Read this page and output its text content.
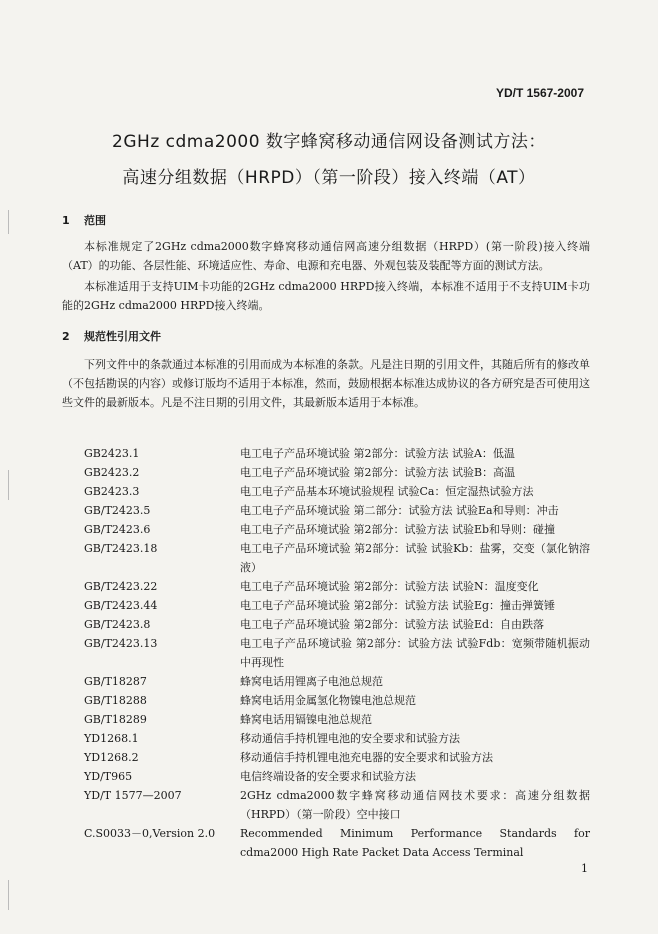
YD/T 1567-2007
2GHz cdma2000 数字蜂窝移动通信网设备测试方法：
高速分组数据（HRPD）（第一阶段）接入终端（AT）
1 范围
本标准规定了2GHz cdma2000数字蜂窝移动通信网高速分组数据（HRPD）(第一阶段)接入终端（AT）的功能、各层性能、环境适应性、寿命、电源和充电器、外观包装及装配等方面的测试方法。
本标准适用于支持UIM卡功能的2GHz cdma2000 HRPD接入终端，本标准不适用于不支持UIM卡功能的2GHz cdma2000 HRPD接入终端。
2 规范性引用文件
下列文件中的条款通过本标准的引用而成为本标准的条款。凡是注日期的引用文件，其随后所有的修改单（不包括勘误的内容）或修订版均不适用于本标准，然而，鼓励根据本标准达成协议的各方研究是否可使用这些文件的最新版本。凡是不注日期的引用文件，其最新版本适用于本标准。
GB2423.1	电工电子产品环境试验 第2部分：试验方法 试验A：低温
GB2423.2	电工电子产品环境试验 第2部分：试验方法 试验B：高温
GB2423.3	电工电子产品基本环境试验规程 试验Ca：恒定湿热试验方法
GB/T2423.5	电工电子产品环境试验 第二部分：试验方法 试验Ea和导则：冲击
GB/T2423.6	电工电子产品环境试验 第2部分：试验方法 试验Eb和导则：碰撞
GB/T2423.18	电工电子产品环境试验 第2部分：试验 试验Kb：盐雾，交变（氯化钠溶液）
GB/T2423.22	电工电子产品环境试验 第2部分：试验方法 试验N：温度变化
GB/T2423.44	电工电子产品环境试验 第2部分：试验方法 试验Eg：撞击弹簧锤
GB/T2423.8	电工电子产品环境试验 第2部分：试验方法 试验Ed：自由跌落
GB/T2423.13	电工电子产品环境试验 第2部分：试验方法 试验Fdb：宽频带随机振动中再现性
GB/T18287	蜂窝电话用锂离子电池总规范
GB/T18288	蜂窝电话用金属氢化物镍电池总规范
GB/T18289	蜂窝电话用镉镍电池总规范
YD1268.1	移动通信手持机锂电池的安全要求和试验方法
YD1268.2	移动通信手持机锂电池充电器的安全要求和试验方法
YD/T965	电信终端设备的安全要求和试验方法
YD/T 1577—2007	2GHz cdma2000数字蜂窝移动通信网技术要求：高速分组数据（HRPD）（第一阶段）空中接口
C.S0033－0,Version 2.0	Recommended Minimum Performance Standards for cdma2000 High Rate Packet Data Access Terminal
1
